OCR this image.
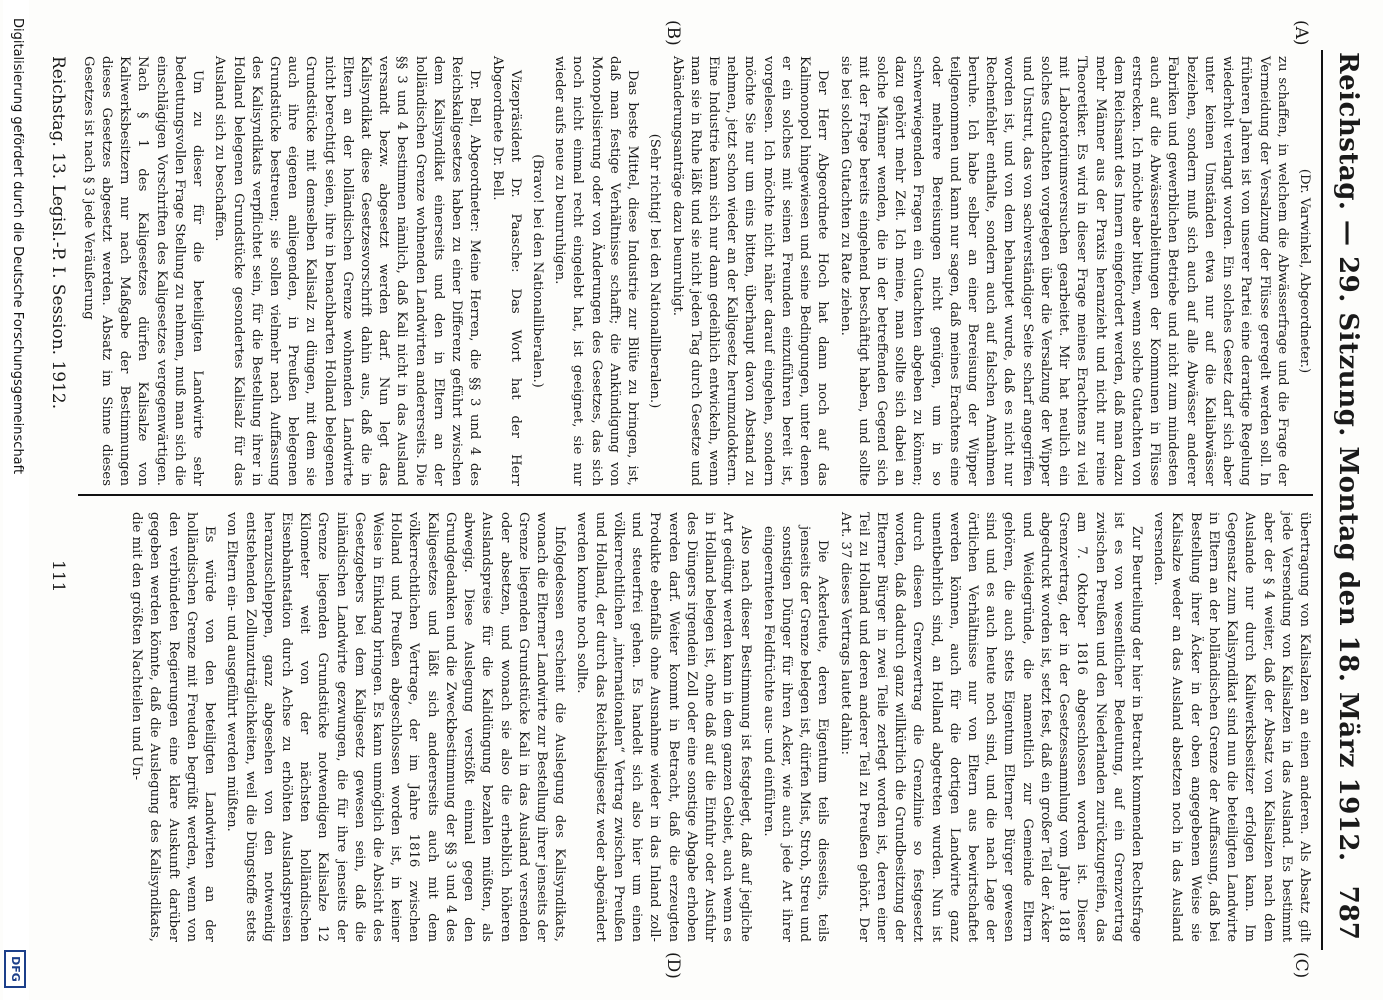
Reichstag. — 29. Sitzung. Montag den 18. März 1912.
787
(A)
(B)
(C)
(D)

(Dr. Varwinkel, Abgeordneter.)

zu schaffen, in welchem die Abwässerfrage und die Frage der Vermeidung der Versalzung der Flüsse geregelt werden soll. In früheren Jahren ist von unserer Partei eine derartige Regelung wiederholt verlangt worden. Ein solches Gesetz darf sich aber unter keinen Umständen etwa nur auf die Kaliabwässer beziehen, sondern muß sich auch auf alle Abwässer anderer Fabriken und gewerblichen Betriebe und nicht zum mindesten auch auf die Abwässerableitungen der Kommunen in Flüsse erstrecken. Ich möchte aber bitten, wenn solche Gutachten von dem Reichsamt des Innern eingefordert werden, daß man dazu mehr Männer aus der Praxis heranzieht und nicht nur reine Theoretiker. Es wird in dieser Frage meines Erachtens zu viel mit Laboratoriumsversuchen gearbeitet. Mir hat neulich ein solches Gutachten vorgelegen über die Versalzung der Wipper und Unstrut, das von sachverständiger Seite scharf angegriffen worden ist, und von dem behauptet wurde, daß es nicht nur Rechenfehler enthalte, sondern auch auf falschen Annahmen beruhe. Ich habe selber an einer Bereisung der Wipper teilgenommen und kann nur sagen, daß meines Erachtens eine oder mehrere Bereisungen nicht genügen, um in so schwerwiegenden Fragen ein Gutachten abgeben zu können; dazu gehört mehr Zeit. Ich meine, man sollte sich dabei an solche Männer wenden, die in der betreffenden Gegend sich mit der Frage bereits eingehend beschäftigt haben, und sollte sie bei solchen Gutachten zu Rate ziehen.

Der Herr Abgeordnete Hoch hat dann noch auf das Kalimonopol hingewiesen und seine Bedingungen, unter denen er ein solches mit seinen Freunden einzuführen bereit ist, vorgelesen. Ich möchte nicht näher darauf eingehen, sondern möchte Sie nur um eins bitten, überhaupt davon Abstand zu nehmen, jetzt schon wieder an der Kaligesetz herumzudoktern. Eine Industrie kann sich nur dann gedeihlich entwickeln, wenn man sie in Ruhe läßt und sie nicht jeden Tag durch Gesetze und Abänderungsanträge dazu beunruhigt.

(Sehr richtig! bei den Nationalliberalen.)

Das beste Mittel, diese Industrie zur Blüte zu bringen, ist, daß man festige Verhältnisse schafft; die Ankündigung von Monopolisierung oder von Änderungen des Gesetzes, das sich noch nicht einmal recht eingelebt hat, ist geeignet, sie nur wieder aufs neue zu beunruhigen.

(Bravo! bei den Nationalliberalen.)

Vizepräsident Dr. Paasche: Das Wort hat der Herr Abgeordnete Dr. Bell.

Dr. Bell, Abgeordneter: Meine Herren, die §§ 3 und 4 des Reichskaligesetzes haben zu einer Differenz geführt zwischen dem Kalisyndikat einerseits und den in Eltern an der holländischen Grenze wohnenden Landwirten andererseits. Die §§ 3 und 4 bestimmen nämlich, daß Kali nicht in das Ausland versandt bezw. abgesetzt werden darf. Nun legt das Kalisyndikat diese Gesetzesvorschrift dahin aus, daß die in Eltern an der holländischen Grenze wohnenden Landwirte nicht berechtigt seien, ihre in benachbarten Holland belegenen Grundstücke mit demselben Kalisalz zu düngen, mit dem sie auch ihre eigenen anliegenden, in Preußen belegenen Grundstücke bestreuen; sie sollen vielmehr nach Auffassung des Kalisyndikats verpflichtet sein, für die Bestellung ihrer in Holland belegenen Grundstücke gesondertes Kalisalz für das Ausland sich zu beschaffen.

Um zu dieser für die beteiligten Landwirte sehr bedeutungsvollen Frage Stellung zu nehmen, muß man sich die einschlägigen Vorschriften des Kaligesetzes vergegenwärtigen. Nach § 1 des Kaligesetzes dürfen Kalisalze von Kaliwerksbesitzern nur nach Maßgabe der Bestimmungen dieses Gesetzes abgesetzt werden. Absatz im Sinne dieses Gesetzes ist nach § 3 jede Veräußerung

übertragung von Kalisalzen an einen anderen. Als Absatz gilt jede Versendung von Kalisalzen in das Ausland. Es bestimmt aber der § 4 weiter, daß der Absatz von Kalisalzen nach dem Auslande nur durch Kaliwerksbesitzer erfolgen kann. Im Gegensatz zum Kalisyndikat sind nun die beteiligten Landwirte in Eltern an der holländischen Grenze der Auffassung, daß bei Bestellung ihrer Äcker in der oben angegebenen Weise sie Kalisalze weder an das Ausland absetzen noch in das Ausland versenden.

Zur Beurteilung der hier in Betracht kommenden Rechtsfrage ist es von wesentlicher Bedeutung, auf ein Grenzvertrag zwischen Preußen und den Niederlanden zurückzugreifen, das am 7. Oktober 1816 abgeschlossen worden ist. Dieser Grenzvertrag, der in der Gesetzessammlung vom Jahre 1818 abgedruckt worden ist, setzt fest, daß ein großer Teil der Äcker und Weidegründe, die namentlich zur Gemeinde Eltern gehören, die auch stets Eigentum Elterner Bürger gewesen sind und es auch heute noch sind, und die nach Lage der örtlichen Verhältnisse nur von Eltern aus bewirtschaftet werden können, auch für die dortigen Landwirte ganz unentbehrlich sind, an Holland abgetreten wurden. Nun ist durch diesen Grenzvertrag die Grenzlinie so festgesetzt worden, daß dadurch ganz willkürlich die Grundbesitzung der Elterner Bürger in zwei Teile zerlegt worden ist, deren einer Teil zu Holland und deren anderer Teil zu Preußen gehört. Der Art. 37 dieses Vertrags lautet dahin:

Die Ackerleute, deren Eigentum teils diesseits, teils jenseits der Grenze belegen ist, dürfen Mist, Stroh, Streu und sonstigen Dünger für ihren Acker, wie auch jede Art ihrer eingeernteten Feldfrüchte aus- und einführen.

Also nach dieser Bestimmung ist festgelegt, daß auf jegliche Art gedüngt werden kann in dem ganzen Gebiet, auch wenn es in Holland belegen ist, ohne daß auf die Einfuhr oder Ausfuhr des Düngers irgendein Zoll oder eine sonstige Abgabe erhoben werden darf. Weiter kommt in Betracht, daß die erzeugten Produkte ebenfalls ohne Ausnahme wieder in das Inland zoll- und steuerfrei gehen. Es handelt sich also hier um einen völkerrechtlichen „internationalen“ Vertrag zwischen Preußen und Holland, der durch das Reichskaligesetz weder abgeändert werden konnte noch sollte.

Infolgedessen erscheint die Auslegung des Kalisyndikats, wonach die Elterner Landwirte zur Bestellung ihrer jenseits der Grenze liegenden Grundstücke Kali in das Ausland versenden oder absetzen, und wonach sie also die erheblich höheren Auslandspreise für die Kalidüngung bezahlen müßten, als abwegig. Diese Auslegung verstößt einmal gegen den Grundgedanken und die Zweckbestimmung der §§ 3 und 4 des Kaligesetzes und läßt sich andererseits auch mit dem völkerrechtlichen Vertrage, der im Jahre 1816 zwischen Holland und Preußen abgeschlossen worden ist, in keiner Weise in Einklang bringen. Es kann unmöglich die Absicht des Gesetzgebers bei dem Kaligesetz gewesen sein, daß die inländischen Landwirte gezwungen, die für ihre jenseits der Grenze liegenden Grundstücke notwendigen Kalisalze 12 Kilometer weit von der nächsten holländischen Eisenbahnstation durch Achse zu erhöhten Auslandspreisen heranzuschleppen, ganz abgesehen von den notwendig entstehenden Zollunzuträglichkeiten, weil die Düngstoffe stets von Eltern ein- und ausgeführt werden müßten.

Es würde von den beteiligten Landwirten an der holländischen Grenze mit Freuden begrüßt werden, wenn von den verbündeten Regierungen eine klare Auskunft darüber gegeben werden könnte, daß die Auslegung des Kalisyndikats, die mit den größten Nachteilen und Un-

Reichstag. 13. Legisl.-P. I. Session. 1912.
111
Digitalisierung gefördert durch die Deutsche Forschungsgemeinschaft
DFG
